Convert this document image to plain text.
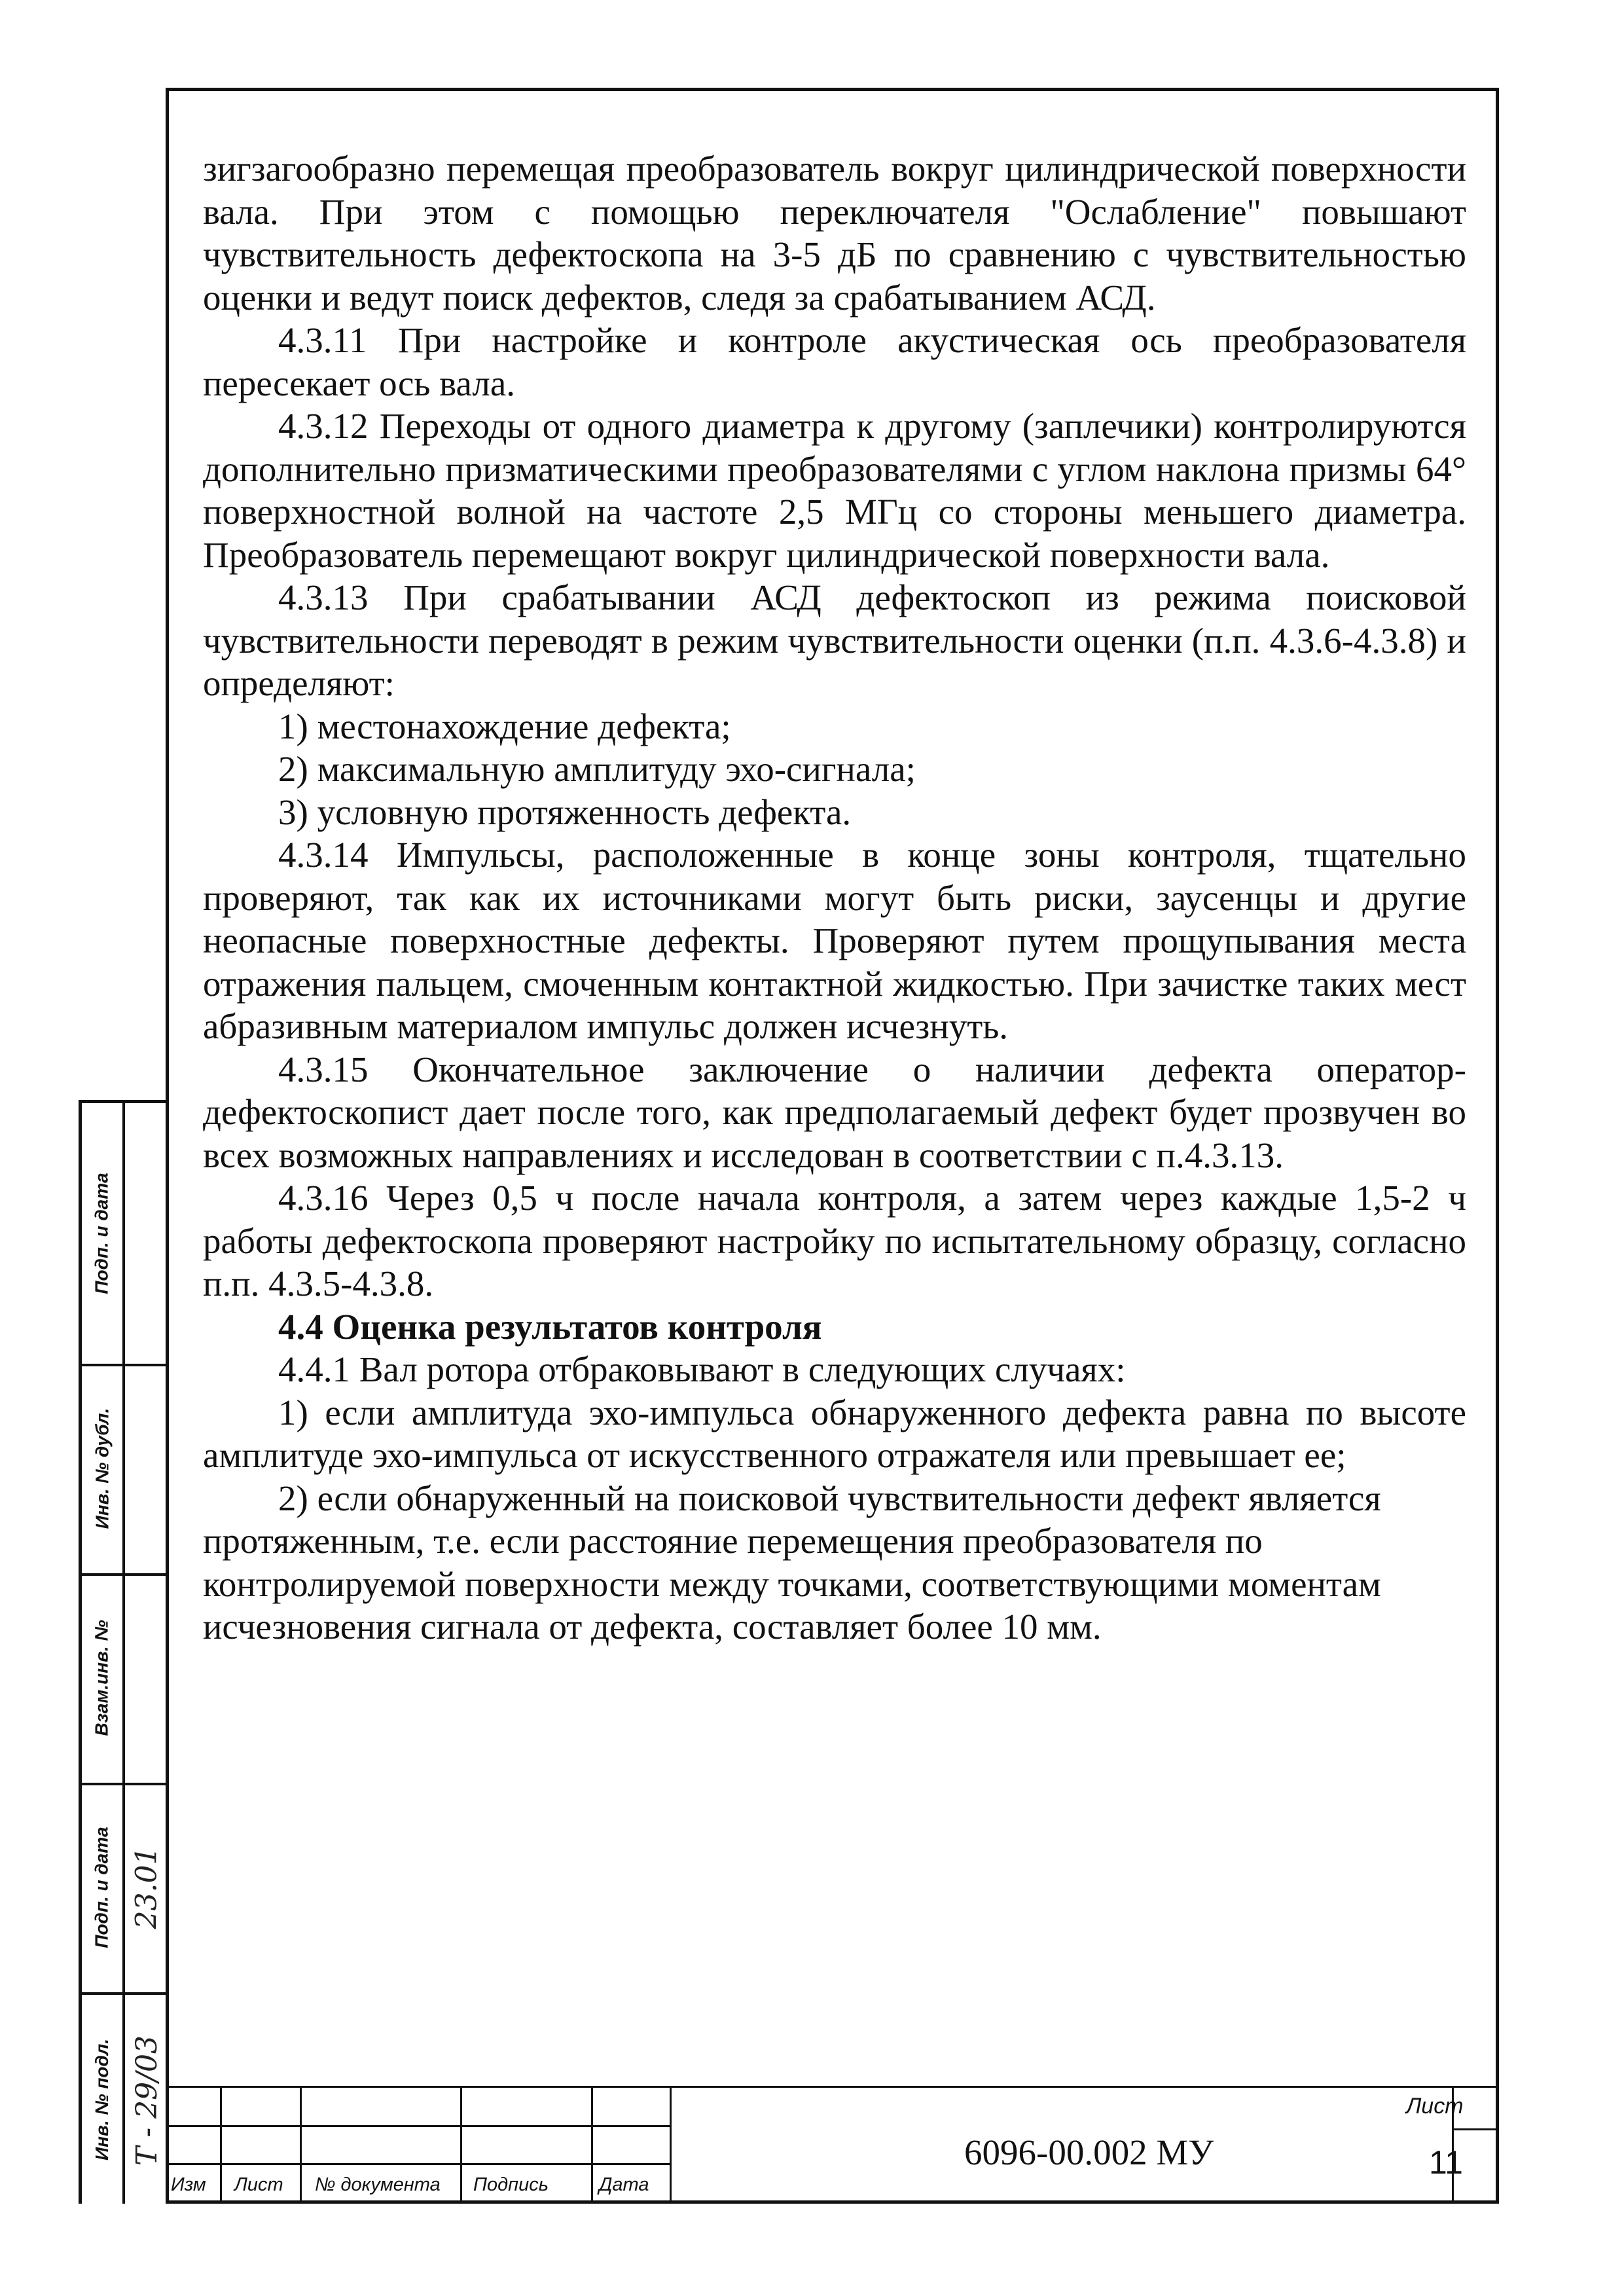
зигзагообразно перемещая преобразователь вокруг цилиндрической поверхности вала. При этом с помощью переключателя "Ослабление" повышают чувствительность дефектоскопа на 3-5 дБ по сравнению с чувствительностью оценки и ведут поиск дефектов, следя за срабатыванием АСД.

4.3.11 При настройке и контроле акустическая ось преобразователя пересекает ось вала.

4.3.12 Переходы от одного диаметра к другому (заплечики) контролируются дополнительно призматическими преобразователями с углом наклона призмы 64° поверхностной волной на частоте 2,5 МГц со стороны меньшего диаметра. Преобразователь перемещают вокруг цилиндрической поверхности вала.

4.3.13 При срабатывании АСД дефектоскоп из режима поисковой чувствительности переводят в режим чувствительности оценки (п.п. 4.3.6-4.3.8) и определяют:

1) местонахождение дефекта;

2) максимальную амплитуду эхо-сигнала;

3) условную протяженность дефекта.

4.3.14 Импульсы, расположенные в конце зоны контроля, тщательно проверяют, так как их источниками могут быть риски, заусенцы и другие неопасные поверхностные дефекты. Проверяют путем прощупывания места отражения пальцем, смоченным контактной жидкостью. При зачистке таких мест абразивным материалом импульс должен исчезнуть.

4.3.15 Окончательное заключение о наличии дефекта оператор-дефектоскопист дает после того, как предполагаемый дефект будет прозвучен во всех возможных направлениях и исследован в соответствии с п.4.3.13.

4.3.16 Через 0,5 ч после начала контроля, а затем через каждые 1,5-2 ч работы дефектоскопа проверяют настройку по испытательному образцу, согласно п.п. 4.3.5-4.3.8.

4.4 Оценка результатов контроля

4.4.1 Вал ротора отбраковывают в следующих случаях:

1) если амплитуда эхо-импульса обнаруженного дефекта равна по высоте амплитуде эхо-импульса от искусственного отражателя или превышает ее;

2) если обнаруженный на поисковой чувствительности дефект является протяженным, т.е. если расстояние перемещения преобразователя по контролируемой поверхности между точками, соответствующими моментам исчезновения сигнала от дефекта, составляет более 10 мм.

Подп. и дата
Инв. № дубл.
Взам.инв. №
Подп. и дата
Инв. № подл.
23.01
Т - 29/03
Изм Лист № документа Подпись	Дата
6096-00.002 МУ
Лист
11
